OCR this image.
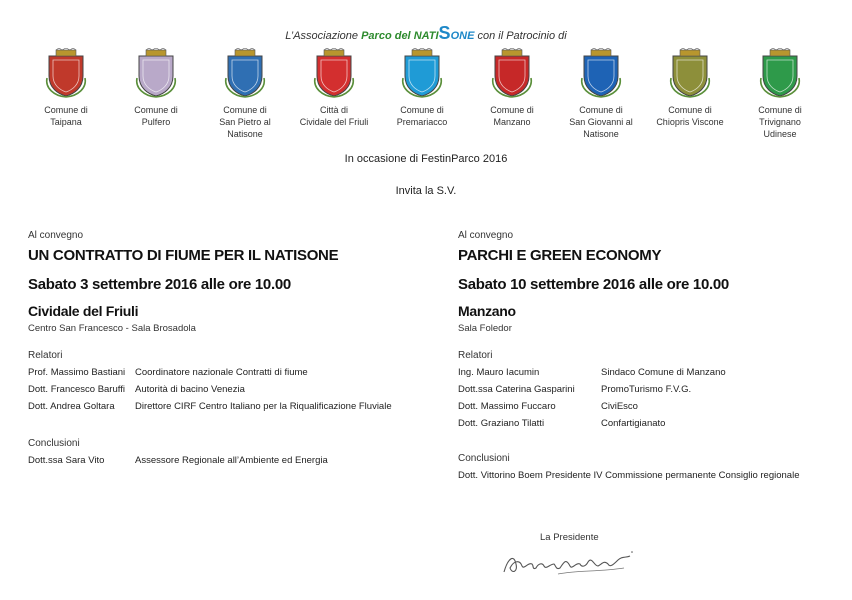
L’Associazione Parco del NATISONE con il Patrocinio di
Comune di
Taipana
Comune di
Pulfero
Comune di
San Pietro al
Natisone
Città di
Cividale del Friuli
Comune di
Premariacco
Comune di
Manzano
Comune di
San Giovanni al
Natisone
Comune di
Chiopris Viscone
Comune di
Trivignano
Udinese
In occasione di FestinParco 2016
Invita la S.V.
Al convegno
UN CONTRATTO DI FIUME PER IL NATISONE
Sabato 3 settembre 2016 alle ore 10.00
Cividale del Friuli
Centro San Francesco - Sala Brosadola
Relatori
Prof. Massimo Bastiani	Coordinatore nazionale Contratti di fiume
Dott. Francesco Baruffi	Autorità di bacino Venezia
Dott. Andrea Goltara	Direttore CIRF Centro Italiano per la Riqualificazione Fluviale
Conclusioni
Dott.ssa Sara Vito	Assessore Regionale all’Ambiente ed Energia
Al convegno
PARCHI E GREEN ECONOMY
Sabato 10 settembre 2016 alle ore 10.00
Manzano
Sala Foledor
Relatori
Ing. Mauro Iacumin	Sindaco Comune di Manzano
Dott.ssa Caterina Gasparini	PromoTurismo F.V.G.
Dott. Massimo Fuccaro	CiviEsco
Dott. Graziano Tilatti	Confartigianato
Conclusioni
Dott. Vittorino Boem Presidente IV Commissione permanente Consiglio regionale
La Presidente
